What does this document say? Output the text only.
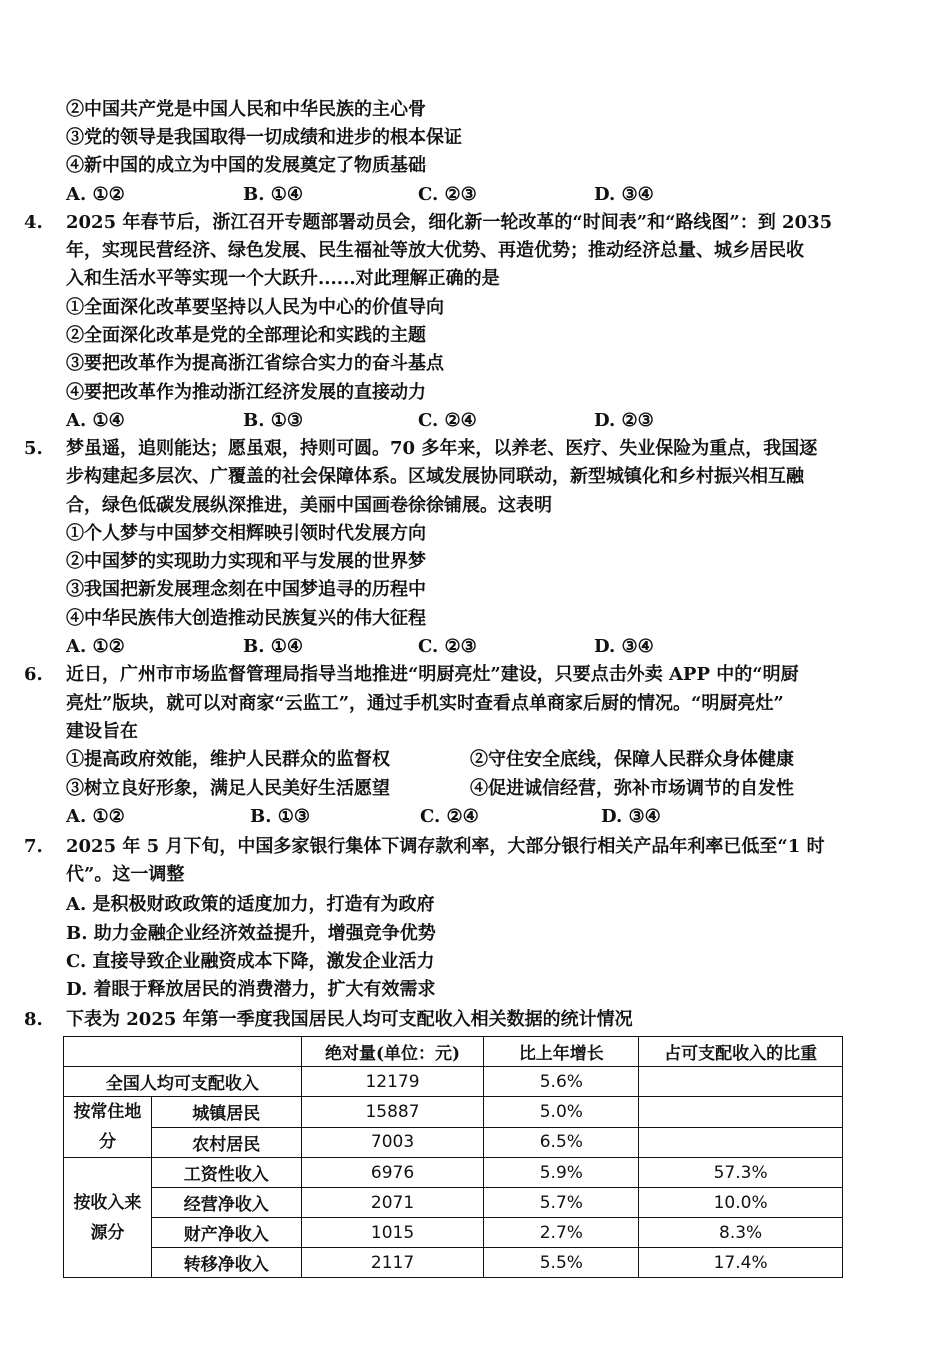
②中国共产党是中国人民和中华民族的主心骨
③党的领导是我国取得一切成绩和进步的根本保证
④新中国的成立为中国的发展奠定了物质基础
A. ①②	B. ①④	C. ②③	D. ③④
4. 2025 年春节后，浙江召开专题部署动员会，细化新一轮改革的“时间表”和“路线图”：到 2035
年，实现民营经济、绿色发展、民生福祉等放大优势、再造优势；推动经济总量、城乡居民收
入和生活水平等实现一个大跃升......对此理解正确的是
①全面深化改革要坚持以人民为中心的价值导向
②全面深化改革是党的全部理论和实践的主题
③要把改革作为提高浙江省综合实力的奋斗基点
④要把改革作为推动浙江经济发展的直接动力
A. ①④	B. ①③	C. ②④	D. ②③
5. 梦虽遥，追则能达；愿虽艰，持则可圆。70 多年来，以养老、医疗、失业保险为重点，我国逐
步构建起多层次、广覆盖的社会保障体系。区域发展协同联动，新型城镇化和乡村振兴相互融
合，绿色低碳发展纵深推进，美丽中国画卷徐徐铺展。这表明
①个人梦与中国梦交相辉映引领时代发展方向
②中国梦的实现助力实现和平与发展的世界梦
③我国把新发展理念刻在中国梦追寻的历程中
④中华民族伟大创造推动民族复兴的伟大征程
A. ①②	B. ①④	C. ②③	D. ③④
6. 近日，广州市市场监督管理局指导当地推进“明厨亮灶”建设，只要点击外卖 APP 中的“明厨
亮灶”版块，就可以对商家“云监工”，通过手机实时查看点单商家后厨的情况。“明厨亮灶”
建设旨在
①提高政府效能，维护人民群众的监督权	②守住安全底线，保障人民群众身体健康
③树立良好形象，满足人民美好生活愿望	④促进诚信经营，弥补市场调节的自发性
A. ①②	B. ①③	C. ②④	D. ③④
7. 2025 年 5 月下旬，中国多家银行集体下调存款利率，大部分银行相关产品年利率已低至“1 时
代”。这一调整
A. 是积极财政政策的适度加力，打造有为政府
B. 助力金融企业经济效益提升，增强竞争优势
C. 直接导致企业融资成本下降，激发企业活力
D. 着眼于释放居民的消费潜力，扩大有效需求
8. 下表为 2025 年第一季度我国居民人均可支配收入相关数据的统计情况
		绝对量(单位：元)	比上年增长	占可支配收入的比重
全国人均可支配收入		12179	5.6%	
按常住地分	城镇居民	15887	5.0%	
	农村居民	7003	6.5%	
按收入来源分	工资性收入	6976	5.9%	57.3%
	经营净收入	2071	5.7%	10.0%
	财产净收入	1015	2.7%	8.3%
	转移净收入	2117	5.5%	17.4%
